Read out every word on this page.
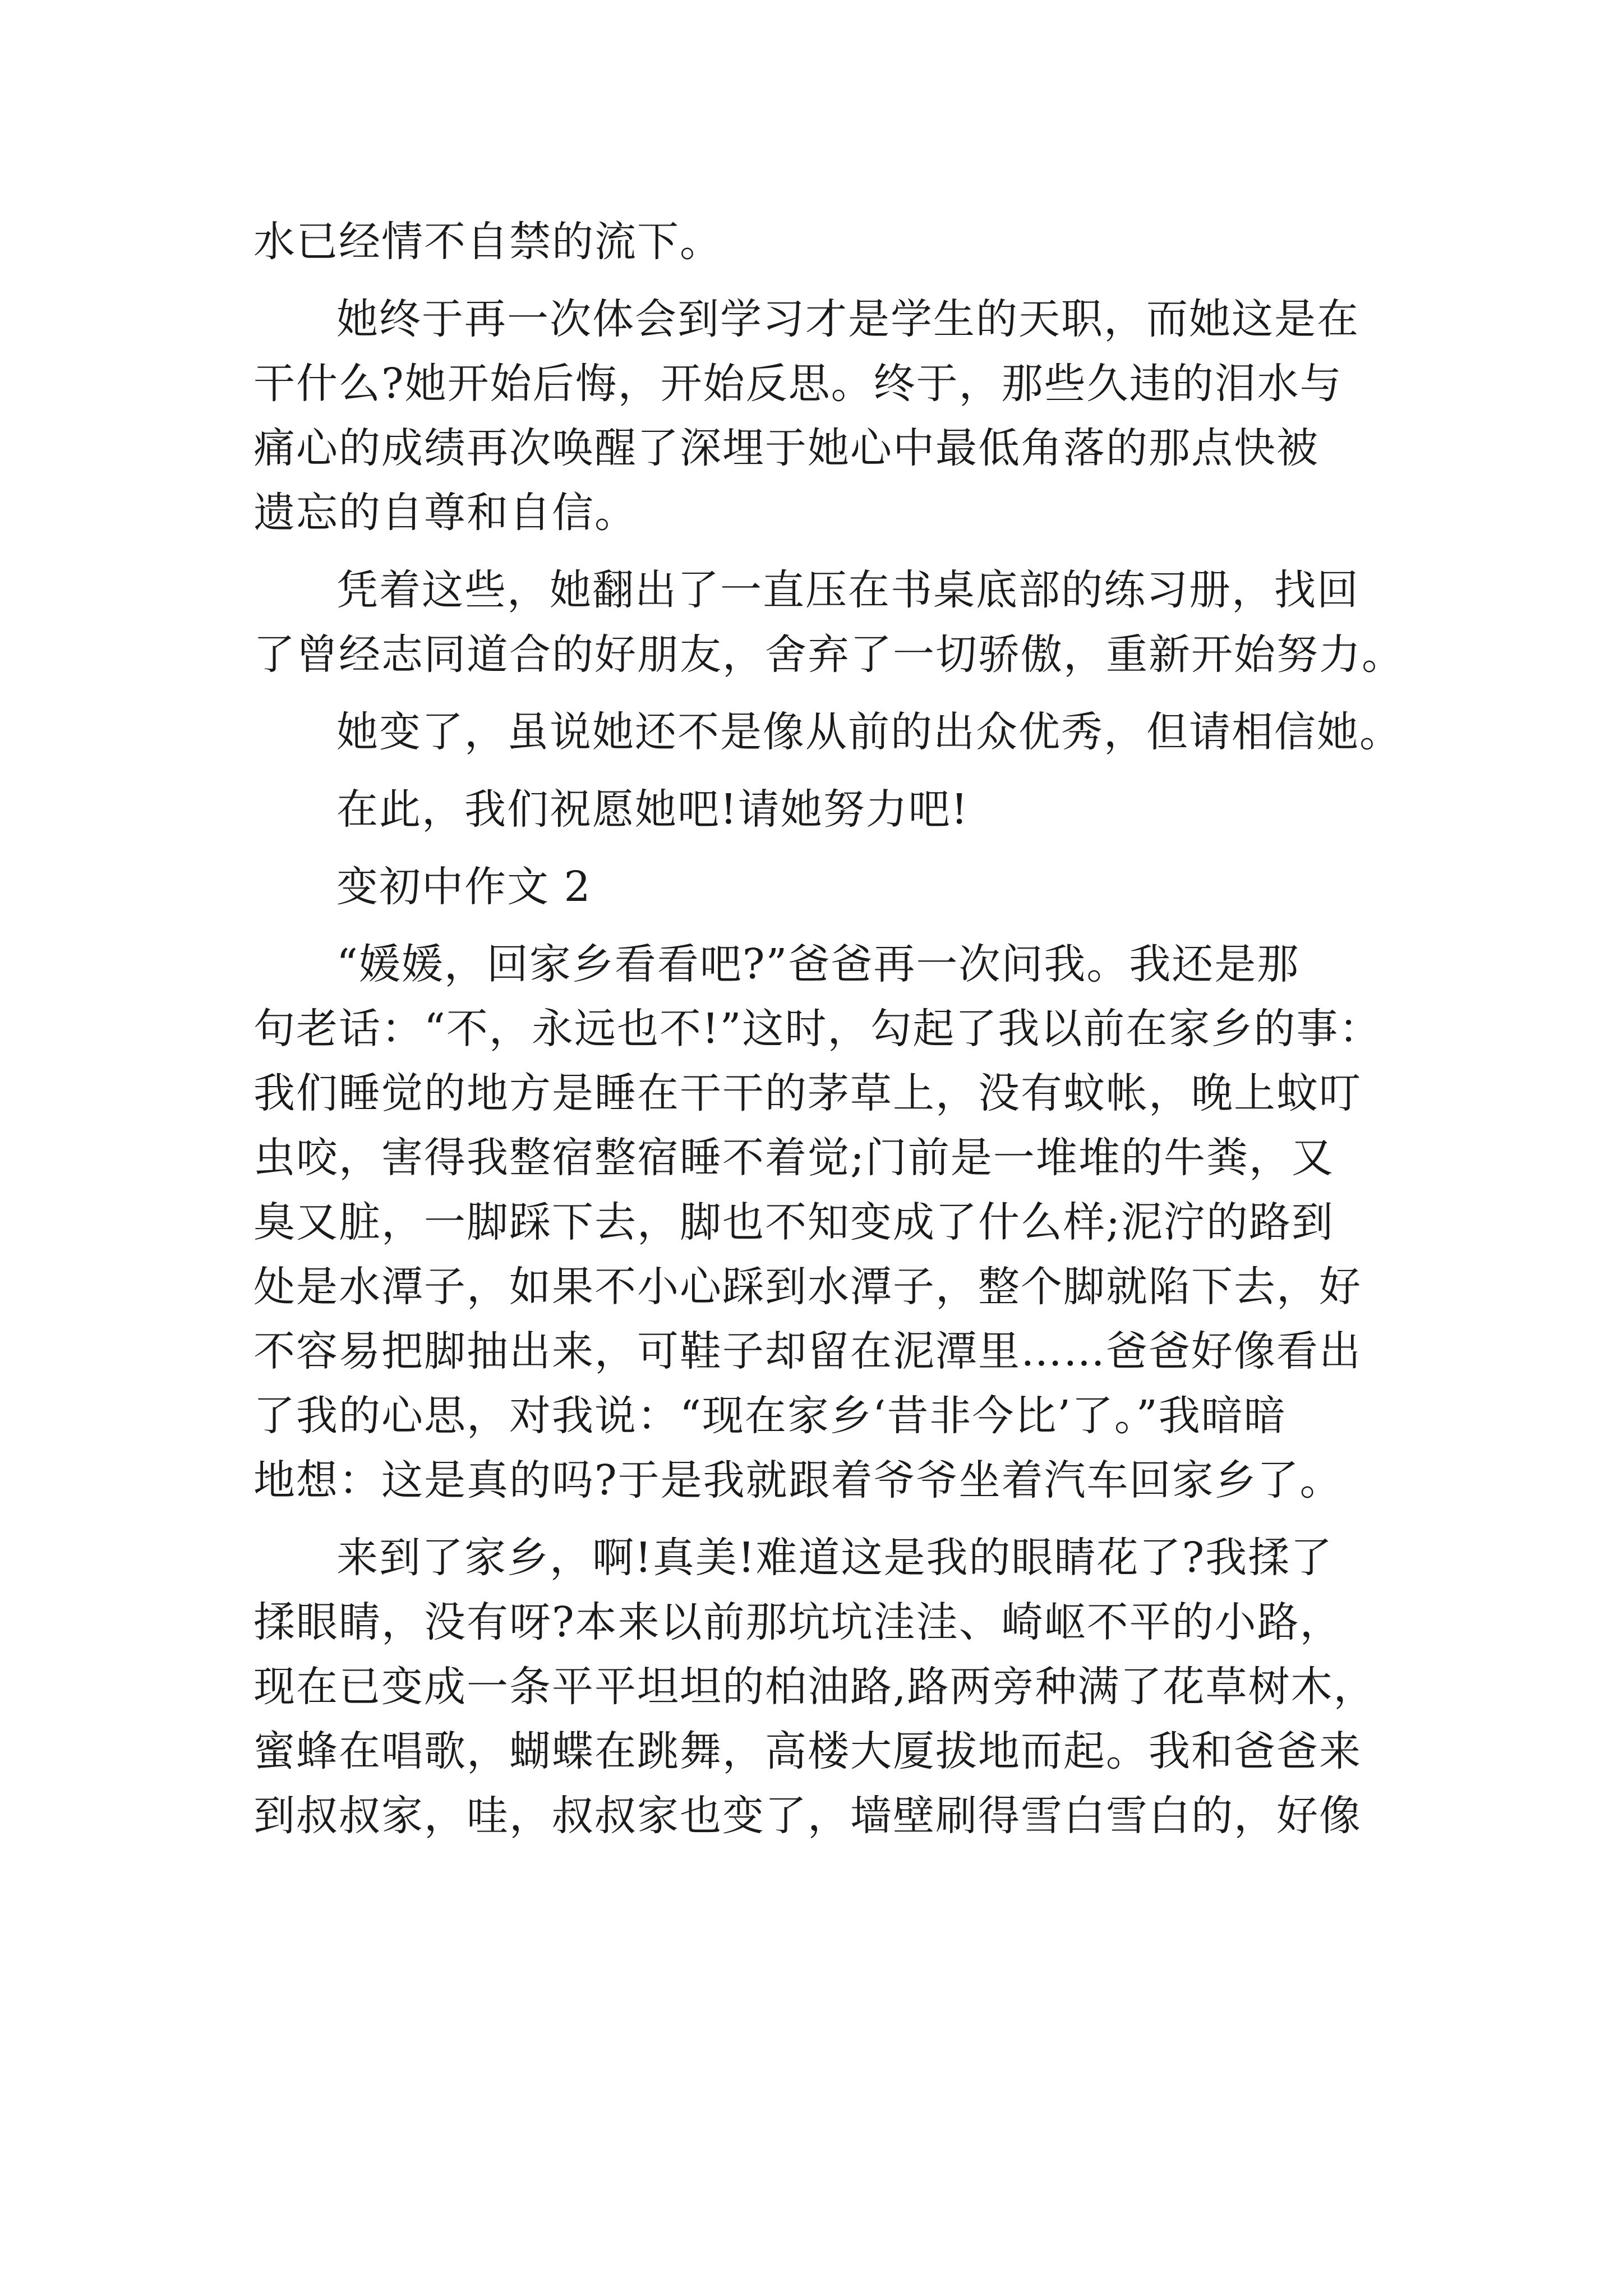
水已经情不自禁的流下。
她终于再一次体会到学习才是学生的天职，而她这是在
干什么?她开始后悔，开始反思。终于，那些久违的泪水与
痛心的成绩再次唤醒了深埋于她心中最低角落的那点快被
遗忘的自尊和自信。
凭着这些，她翻出了一直压在书桌底部的练习册，找回
了曾经志同道合的好朋友，舍弃了一切骄傲，重新开始努力。
她变了，虽说她还不是像从前的出众优秀，但请相信她。
在此，我们祝愿她吧!请她努力吧!
变初中作文 2
“媛媛，回家乡看看吧?”爸爸再一次问我。我还是那
句老话：“不，永远也不!”这时，勾起了我以前在家乡的事：
我们睡觉的地方是睡在干干的茅草上，没有蚊帐，晚上蚊叮
虫咬，害得我整宿整宿睡不着觉;门前是一堆堆的牛粪，又
臭又脏，一脚踩下去，脚也不知变成了什么样;泥泞的路到
处是水潭子，如果不小心踩到水潭子，整个脚就陷下去，好
不容易把脚抽出来，可鞋子却留在泥潭里……爸爸好像看出
了我的心思，对我说：“现在家乡‘昔非今比’了。”我暗暗
地想：这是真的吗?于是我就跟着爷爷坐着汽车回家乡了。
来到了家乡，啊!真美!难道这是我的眼睛花了?我揉了
揉眼睛，没有呀?本来以前那坑坑洼洼、崎岖不平的小路，
现在已变成一条平平坦坦的柏油路,路两旁种满了花草树木，
蜜蜂在唱歌，蝴蝶在跳舞，高楼大厦拔地而起。我和爸爸来
到叔叔家，哇，叔叔家也变了，墙壁刷得雪白雪白的，好像
